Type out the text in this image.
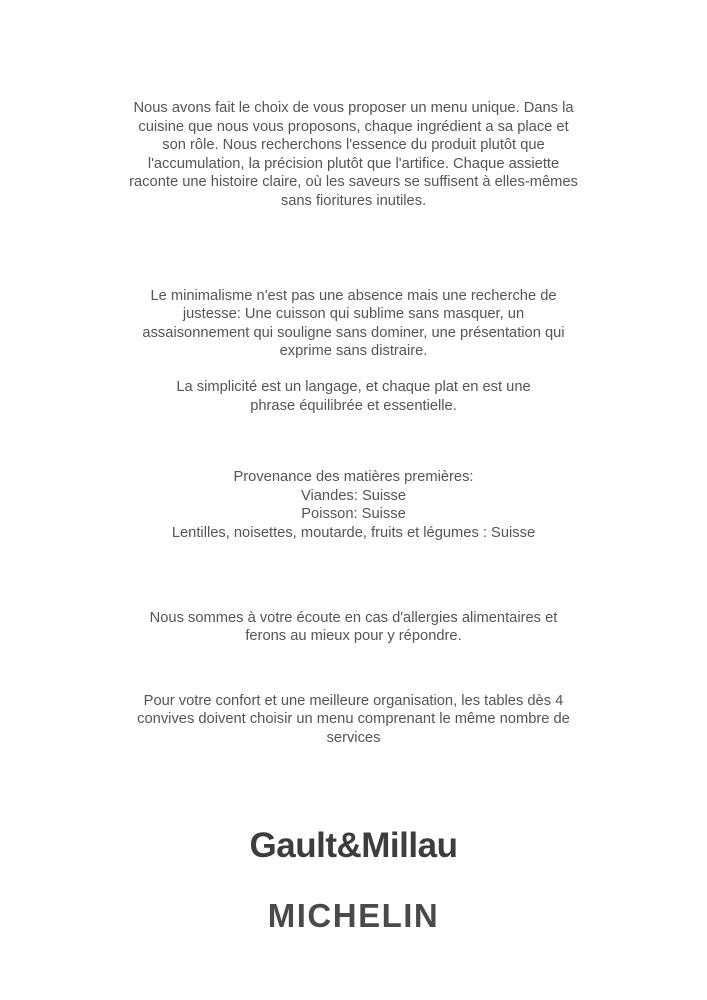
Nous avons fait le choix de vous proposer un menu unique. Dans la cuisine que nous vous proposons, chaque ingrédient a sa place et son rôle. Nous recherchons l'essence du produit plutôt que l'accumulation, la précision plutôt que l'artifice. Chaque assiette raconte une histoire claire, où les saveurs se suffisent à elles-mêmes sans fioritures inutiles.

Le minimalisme n'est pas une absence mais une recherche de justesse: Une cuisson qui sublime sans masquer, un assaisonnement qui souligne sans dominer, une présentation qui exprime sans distraire.

La simplicité est un langage, et chaque plat en est une phrase équilibrée et essentielle.

Provenance des matières premières:

Viandes: Suisse

Poisson: Suisse

Lentilles, noisettes, moutarde, fruits et légumes : Suisse

Nous sommes à votre écoute en cas d'allergies alimentaires et ferons au mieux pour y répondre.

Pour votre confort et une meilleure organisation, les tables dès 4 convives doivent choisir un menu comprenant le même nombre de services

Gault&Millau
MICHELIN
